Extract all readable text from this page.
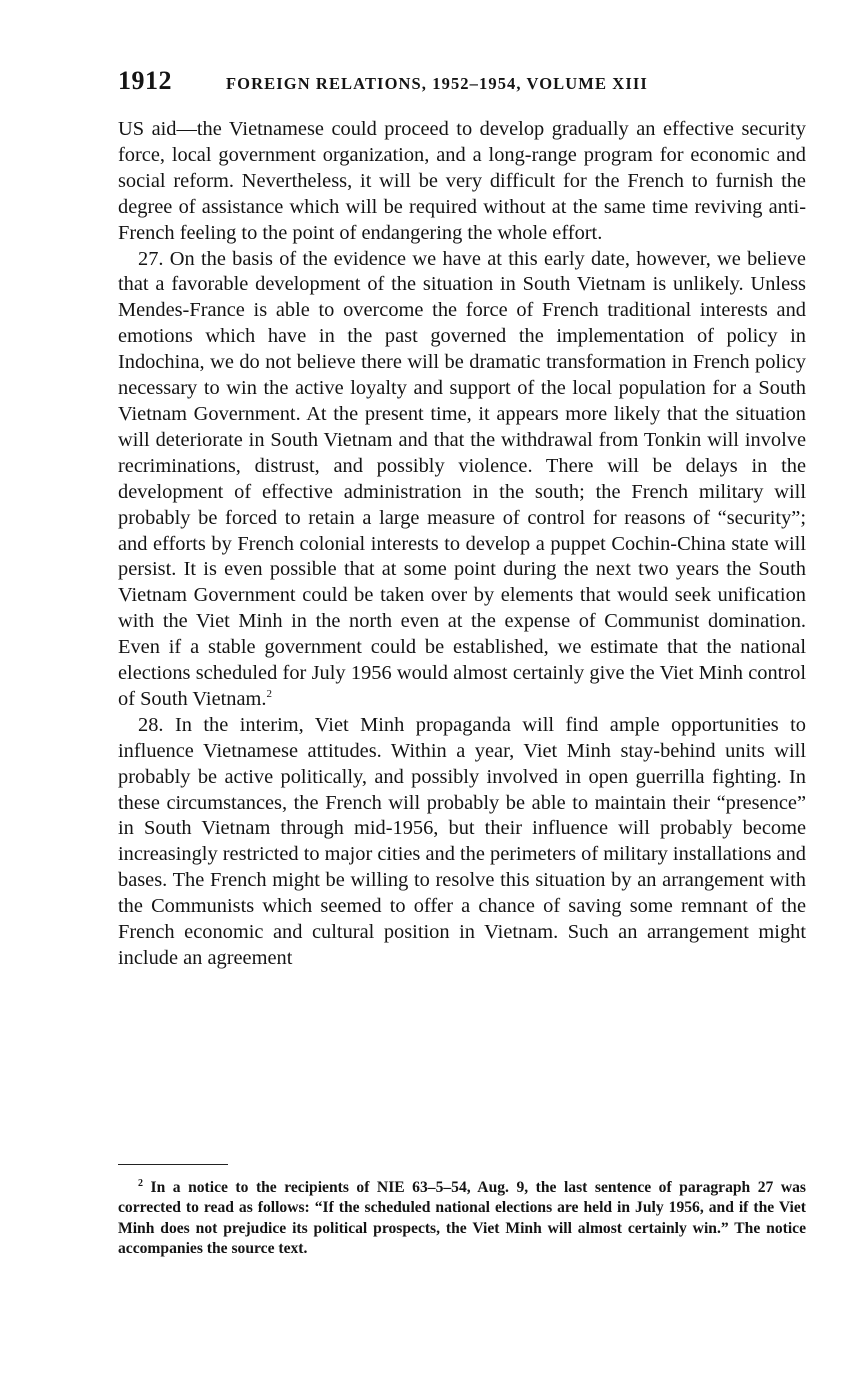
1912	FOREIGN RELATIONS, 1952–1954, VOLUME XIII

US aid—the Vietnamese could proceed to develop gradually an effective security force, local government organization, and a long-range program for economic and social reform. Nevertheless, it will be very difficult for the French to furnish the degree of assistance which will be required without at the same time reviving anti-French feeling to the point of endangering the whole effort.

27. On the basis of the evidence we have at this early date, however, we believe that a favorable development of the situation in South Vietnam is unlikely. Unless Mendes-France is able to overcome the force of French traditional interests and emotions which have in the past governed the implementation of policy in Indochina, we do not believe there will be dramatic transformation in French policy necessary to win the active loyalty and support of the local population for a South Vietnam Government. At the present time, it appears more likely that the situation will deteriorate in South Vietnam and that the withdrawal from Tonkin will involve recriminations, distrust, and possibly violence. There will be delays in the development of effective administration in the south; the French military will probably be forced to retain a large measure of control for reasons of “security”; and efforts by French colonial interests to develop a puppet Cochin-China state will persist. It is even possible that at some point during the next two years the South Vietnam Government could be taken over by elements that would seek unification with the Viet Minh in the north even at the expense of Communist domination. Even if a stable government could be established, we estimate that the national elections scheduled for July 1956 would almost certainly give the Viet Minh control of South Vietnam.$^2$

28. In the interim, Viet Minh propaganda will find ample opportunities to influence Vietnamese attitudes. Within a year, Viet Minh stay-behind units will probably be active politically, and possibly involved in open guerrilla fighting. In these circumstances, the French will probably be able to maintain their “presence” in South Vietnam through mid-1956, but their influence will probably become increasingly restricted to major cities and the perimeters of military installations and bases. The French might be willing to resolve this situation by an arrangement with the Communists which seemed to offer a chance of saving some remnant of the French economic and cultural position in Vietnam. Such an arrangement might include an agreement

$^2$ In a notice to the recipients of NIE 63–5–54, Aug. 9, the last sentence of paragraph 27 was corrected to read as follows: “If the scheduled national elections are held in July 1956, and if the Viet Minh does not prejudice its political prospects, the Viet Minh will almost certainly win.” The notice accompanies the source text.
